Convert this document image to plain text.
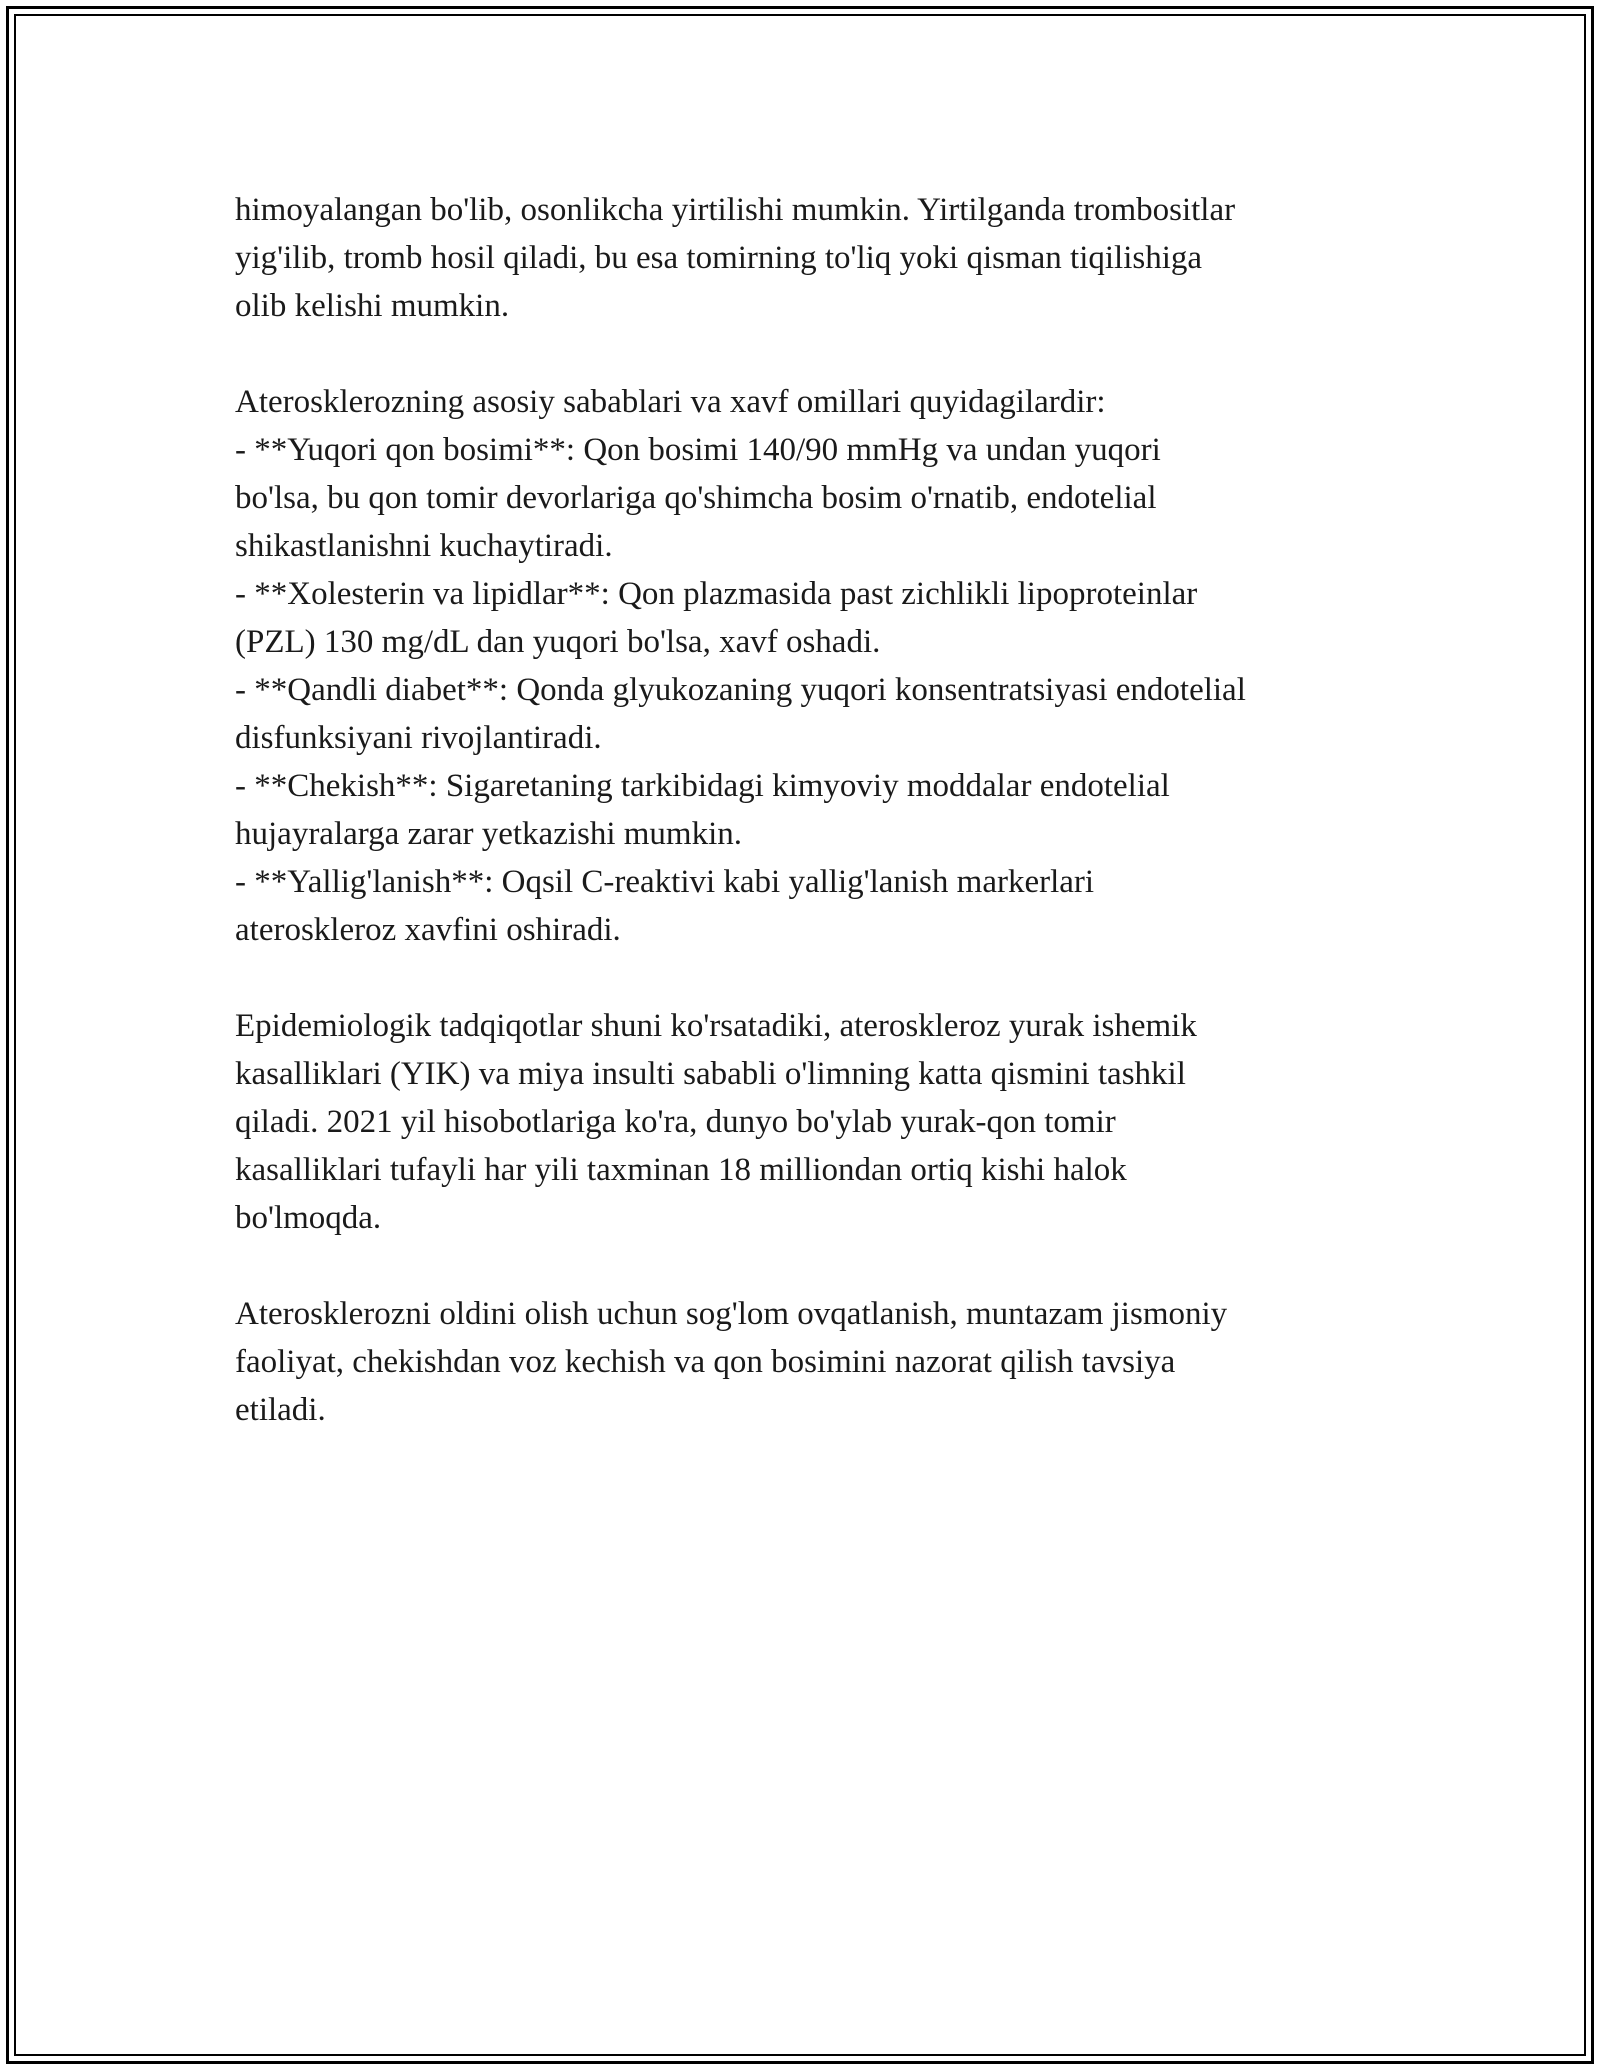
himoyalangan bo'lib, osonlikcha yirtilishi mumkin. Yirtilganda trombositlar
yig'ilib, tromb hosil qiladi, bu esa tomirning to'liq yoki qisman tiqilishiga
olib kelishi mumkin.

Aterosklerozning asosiy sabablari va xavf omillari quyidagilardir:
- **Yuqori qon bosimi**: Qon bosimi 140/90 mmHg va undan yuqori
bo'lsa, bu qon tomir devorlariga qo'shimcha bosim o'rnatib, endotelial
shikastlanishni kuchaytiradi.
- **Xolesterin va lipidlar**: Qon plazmasida past zichlikli lipoproteinlar
(PZL) 130 mg/dL dan yuqori bo'lsa, xavf oshadi.
- **Qandli diabet**: Qonda glyukozaning yuqori konsentratsiyasi endotelial
disfunksiyani rivojlantiradi.
- **Chekish**: Sigaretaning tarkibidagi kimyoviy moddalar endotelial
hujayralarga zarar yetkazishi mumkin.
- **Yallig'lanish**: Oqsil C-reaktivi kabi yallig'lanish markerlari
ateroskleroz xavfini oshiradi.

Epidemiologik tadqiqotlar shuni ko'rsatadiki, ateroskleroz yurak ishemik
kasalliklari (YIK) va miya insulti sababli o'limning katta qismini tashkil
qiladi. 2021 yil hisobotlariga ko'ra, dunyo bo'ylab yurak-qon tomir
kasalliklari tufayli har yili taxminan 18 milliondan ortiq kishi halok
bo'lmoqda.

Aterosklerozni oldini olish uchun sog'lom ovqatlanish, muntazam jismoniy
faoliyat, chekishdan voz kechish va qon bosimini nazorat qilish tavsiya
etiladi.
